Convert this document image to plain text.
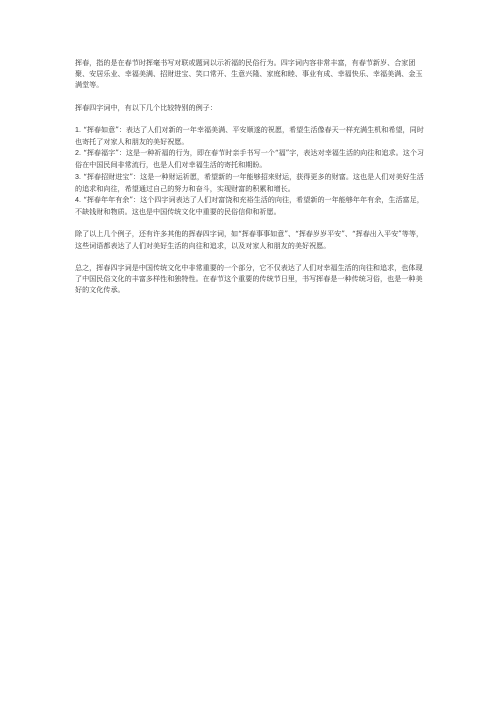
挥春，指的是在春节时挥毫书写对联或题词以示祈福的民俗行为。四字词内容非常丰富，有春节新岁、合家团聚、安居乐业、幸福美满、招财进宝、笑口常开、生意兴隆、家庭和睦、事业有成、幸福快乐、幸福美满、金玉满堂等。

挥春四字词中，有以下几个比较特别的例子：

1. “挥春如意”：表达了人们对新的一年幸福美满、平安顺遂的祝愿，希望生活像春天一样充满生机和希望，同时也寄托了对家人和朋友的美好祝愿。

2. “挥春福字”：这是一种祈福的行为，即在春节时亲手书写一个“福”字，表达对幸福生活的向往和追求。这个习俗在中国民间非常流行，也是人们对幸福生活的寄托和期盼。

3. “挥春招财进宝”：这是一种财运祈愿，希望新的一年能够招来财运，获得更多的财富。这也是人们对美好生活的追求和向往，希望通过自己的努力和奋斗，实现财富的积累和增长。

4. “挥春年年有余”：这个四字词表达了人们对富饶和充裕生活的向往，希望新的一年能够年年有余，生活富足，不缺钱财和物质。这也是中国传统文化中重要的民俗信仰和祈愿。

除了以上几个例子，还有许多其他的挥春四字词，如“挥春事事如意”、“挥春岁岁平安”、“挥春出入平安”等等，这些词语都表达了人们对美好生活的向往和追求，以及对家人和朋友的美好祝愿。

总之，挥春四字词是中国传统文化中非常重要的一个部分，它不仅表达了人们对幸福生活的向往和追求，也体现了中国民俗文化的丰富多样性和独特性。在春节这个重要的传统节日里，书写挥春是一种传统习俗，也是一种美好的文化传承。
